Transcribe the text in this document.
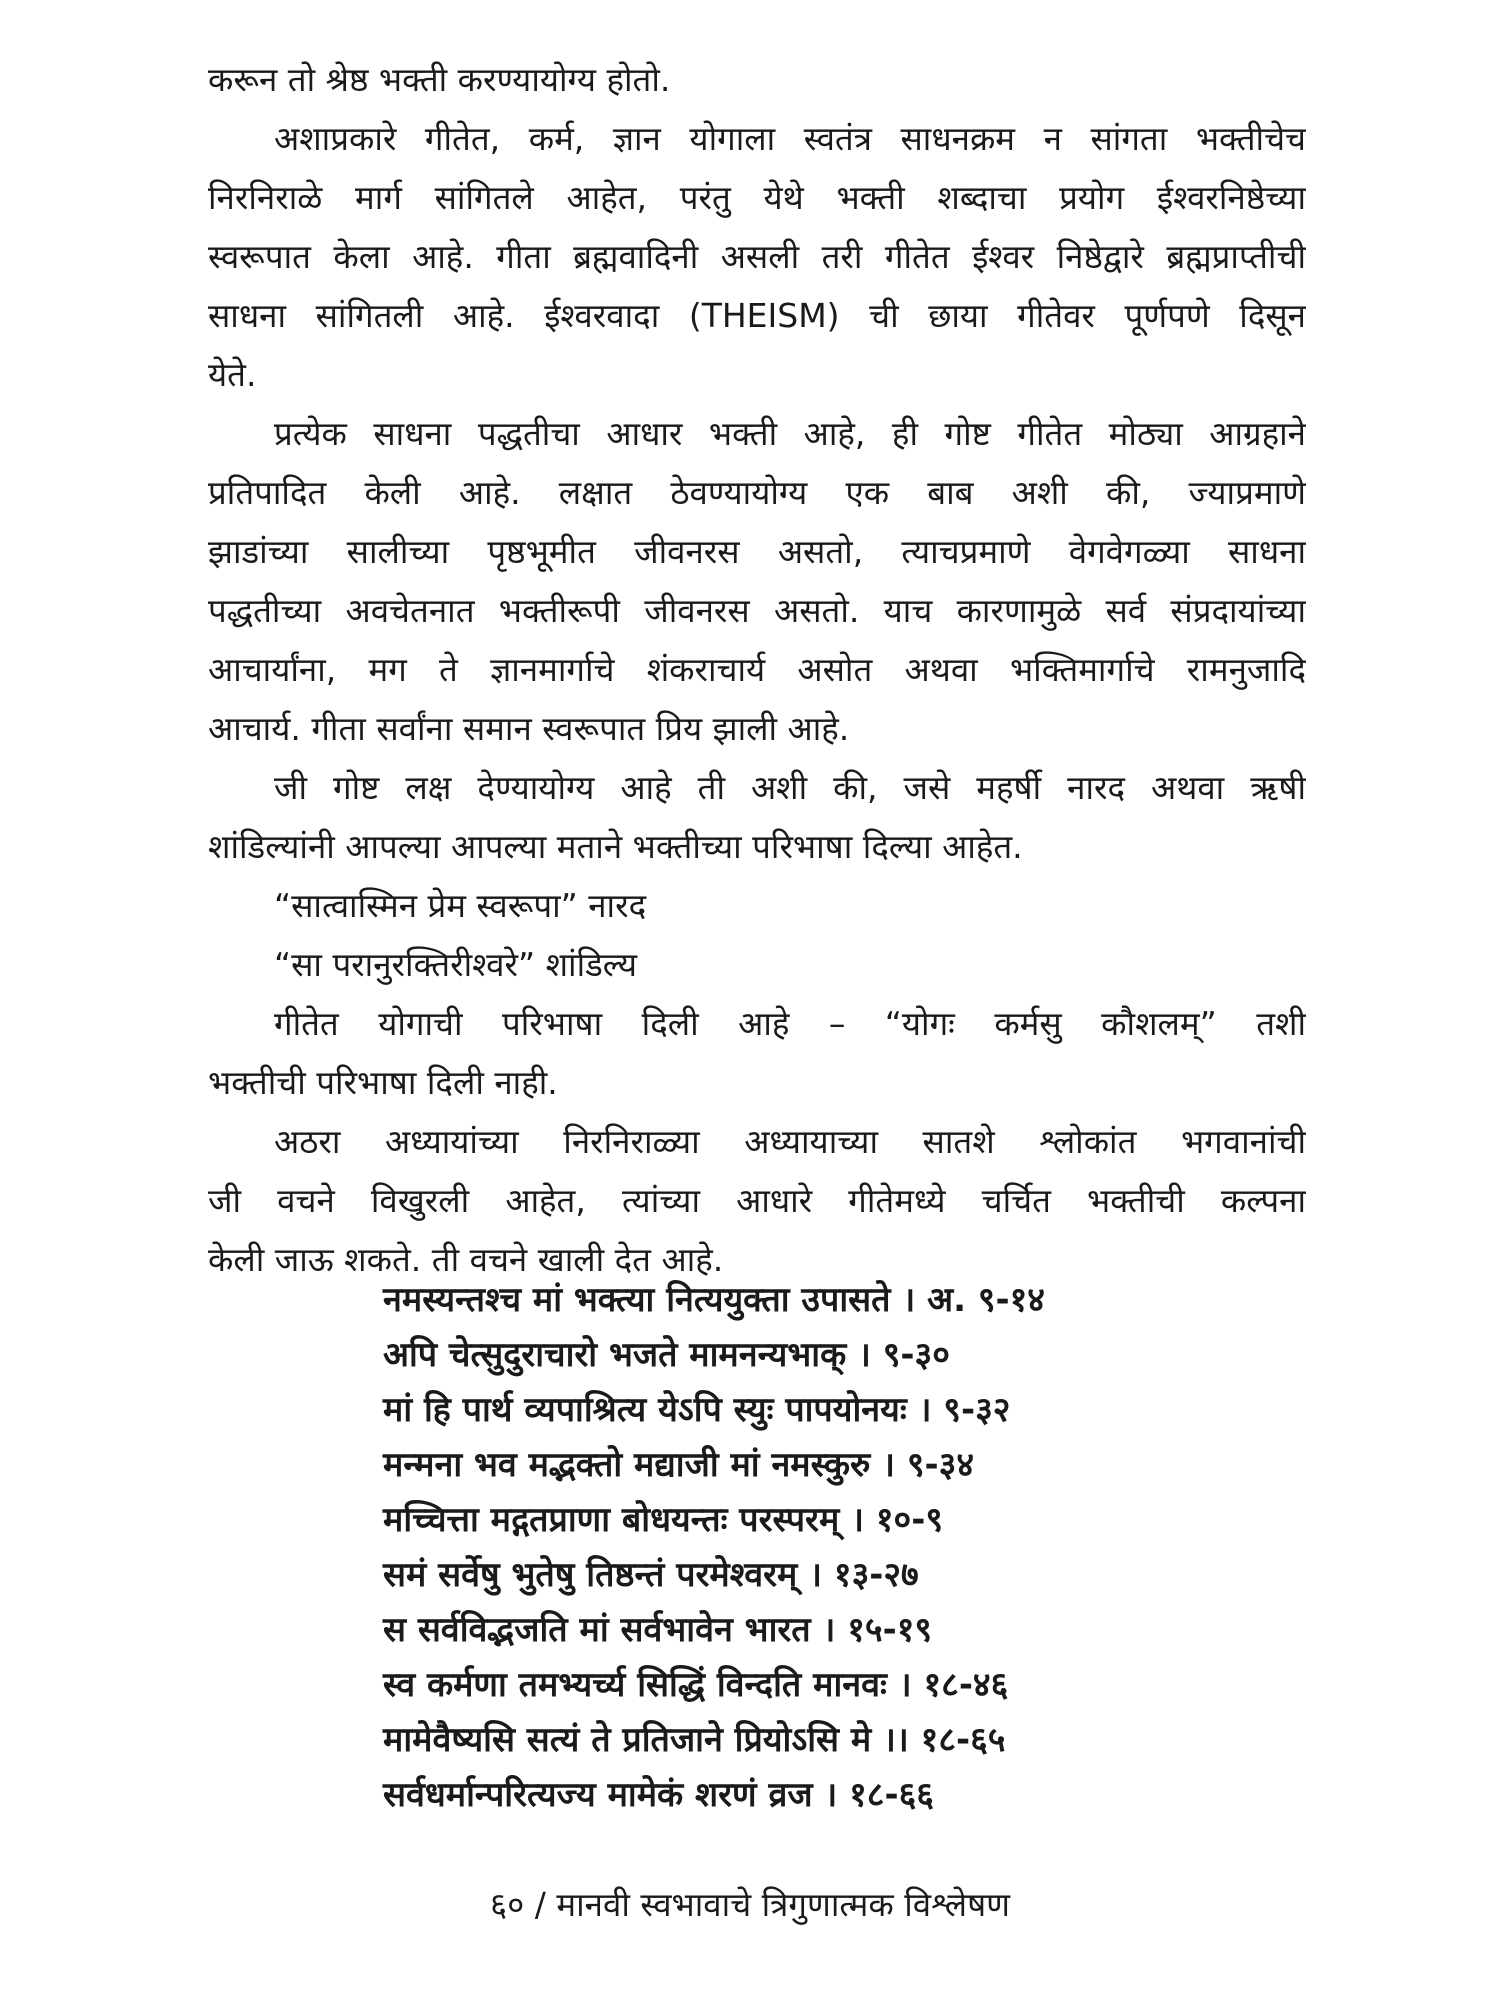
करून तो श्रेष्ठ भक्ती करण्यायोग्य होतो.
अशाप्रकारे गीतेत, कर्म, ज्ञान योगाला स्वतंत्र साधनक्रम न सांगता भक्तीचेच
निरनिराळे मार्ग सांगितले आहेत, परंतु येथे भक्ती शब्दाचा प्रयोग ईश्वरनिष्ठेच्या
स्वरूपात केला आहे. गीता ब्रह्मवादिनी असली तरी गीतेत ईश्वर निष्ठेद्वारे ब्रह्मप्राप्तीची
साधना सांगितली आहे. ईश्वरवादा (THEISM) ची छाया गीतेवर पूर्णपणे दिसून
येते.
प्रत्येक साधना पद्धतीचा आधार भक्ती आहे, ही गोष्ट गीतेत मोठ्या आग्रहाने
प्रतिपादित केली आहे. लक्षात ठेवण्यायोग्य एक बाब अशी की, ज्याप्रमाणे
झाडांच्या सालीच्या पृष्ठभूमीत जीवनरस असतो, त्याचप्रमाणे वेगवेगळ्या साधना
पद्धतीच्या अवचेतनात भक्तीरूपी जीवनरस असतो. याच कारणामुळे सर्व संप्रदायांच्या
आचार्यांना, मग ते ज्ञानमार्गाचे शंकराचार्य असोत अथवा भक्तिमार्गाचे रामनुजादि
आचार्य. गीता सर्वांना समान स्वरूपात प्रिय झाली आहे.
जी गोष्ट लक्ष देण्यायोग्य आहे ती अशी की, जसे महर्षी नारद अथवा ऋषी
शांडिल्यांनी आपल्या आपल्या मताने भक्तीच्या परिभाषा दिल्या आहेत.
“सात्वास्मिन प्रेम स्वरूपा” नारद
“सा परानुरक्तिरीश्वरे” शांडिल्य
गीतेत योगाची परिभाषा दिली आहे – “योगः कर्मसु कौशलम्” तशी
भक्तीची परिभाषा दिली नाही.
अठरा अध्यायांच्या निरनिराळ्या अध्यायाच्या सातशे श्लोकांत भगवानांची
जी वचने विखुरली आहेत, त्यांच्या आधारे गीतेमध्ये चर्चित भक्तीची कल्पना
केली जाऊ शकते. ती वचने खाली देत आहे.
नमस्यन्तश्च मां भक्त्या नित्ययुक्ता उपासते । अ. ९-१४
अपि चेत्सुदुराचारो भजते मामनन्यभाक् । ९-३०
मां हि पार्थ व्यपाश्रित्य येऽपि स्युः पापयोनयः । ९-३२
मन्मना भव मद्भक्तो मद्याजी मां नमस्कुरु । ९-३४
मच्चित्ता मद्गतप्राणा बोधयन्तः परस्परम् । १०-९
समं सर्वेषु भुतेषु तिष्ठन्तं परमेश्वरम् । १३-२७
स सर्वविद्भजति मां सर्वभावेन भारत । १५-१९
स्व कर्मणा तमभ्यर्च्य सिद्धिं विन्दति मानवः । १८-४६
मामेवैष्यसि सत्यं ते प्रतिजाने प्रियोऽसि मे ।। १८-६५
सर्वधर्मान्परित्यज्य मामेकं शरणं व्रज । १८-६६
६० / मानवी स्वभावाचे त्रिगुणात्मक विश्लेषण
